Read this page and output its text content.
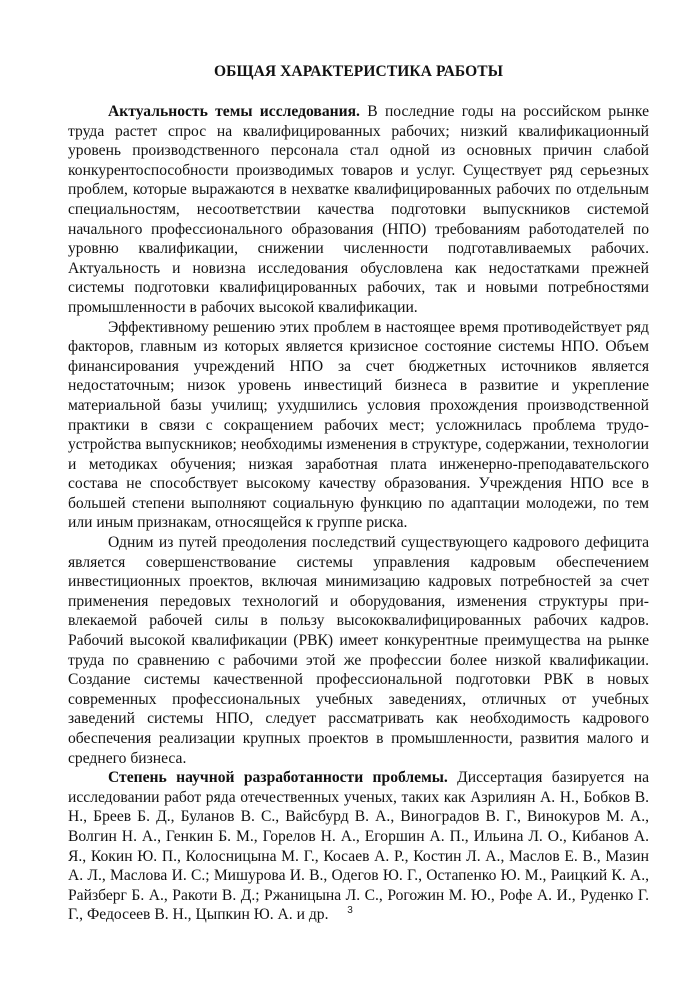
ОБЩАЯ ХАРАКТЕРИСТИКА РАБОТЫ

Актуальность темы исследования. В последние годы на российском рынке труда растет спрос на квалифицированных рабочих; низкий квалификационный уровень производственного персонала стал одной из основных причин слабой конкурентоспособности производимых товаров и услуг. Существует ряд серьезных проблем, которые выражаются в нехватке квалифицированных рабочих по отдельным специальностям, несоответствии качества подготовки выпускников системой начального профессионального образования (НПО) требованиям работодателей по уровню квалификации, снижении численности подготавливаемых рабочих. Актуальность и новизна исследования обусловлена как недостатками прежней системы подготовки квалифицированных рабочих, так и новыми потребностями промышленности в рабочих высокой квалификации.

Эффективному решению этих проблем в настоящее время противодействует ряд факторов, главным из которых является кризисное состояние системы НПО. Объем финансирования учреждений НПО за счет бюджетных источников является недостаточным; низок уровень инвестиций бизнеса в развитие и укрепление материальной базы училищ; ухудшились условия прохождения производственной практики в связи с сокращением рабочих мест; усложнилась проблема трудоустройства выпускников; необходимы изменения в структуре, содержании, технологии и методиках обучения; низкая заработная плата инженерно-преподавательского состава не способствует высокому качеству образования. Учреждения НПО все в большей степени выполняют социальную функцию по адаптации молодежи, по тем или иным признакам, относящейся к группе риска.

Одним из путей преодоления последствий существующего кадрового дефицита является совершенствование системы управления кадровым обеспечением инвестиционных проектов, включая минимизацию кадровых потребностей за счет применения передовых технологий и оборудования, изменения структуры привлекаемой рабочей силы в пользу высококвалифицированных рабочих кадров. Рабочий высокой квалификации (РВК) имеет конкурентные преимущества на рынке труда по сравнению с рабочими этой же профессии более низкой квалификации. Создание системы качественной профессиональной подготовки РВК в новых современных профессиональных учебных заведениях, отличных от учебных заведений системы НПО, следует рассматривать как необходимость кадрового обеспечения реализации крупных проектов в промышленности, развития малого и среднего бизнеса.

Степень научной разработанности проблемы. Диссертация базируется на исследовании работ ряда отечественных ученых, таких как Азрилиян А. Н., Бобков В. Н., Бреев Б. Д., Буланов В. С., Вайсбурд В. А., Виноградов В. Г., Винокуров М. А., Волгин Н. А., Генкин Б. М., Горелов Н. А., Егоршин А. П., Ильина Л. О., Кибанов А. Я., Кокин Ю. П., Колосницына М. Г., Косаев А. Р., Костин Л. А., Маслов Е. В., Мазин А. Л., Маслова И. С.; Мишурова И. В., Одегов Ю. Г., Остапенко Ю. М., Раицкий К. А., Райзберг Б. А., Ракоти В. Д.; Ржаницына Л. С., Рогожин М. Ю., Рофе А. И., Руденко Г. Г., Федосеев В. Н., Цыпкин Ю. А. и др.	3
